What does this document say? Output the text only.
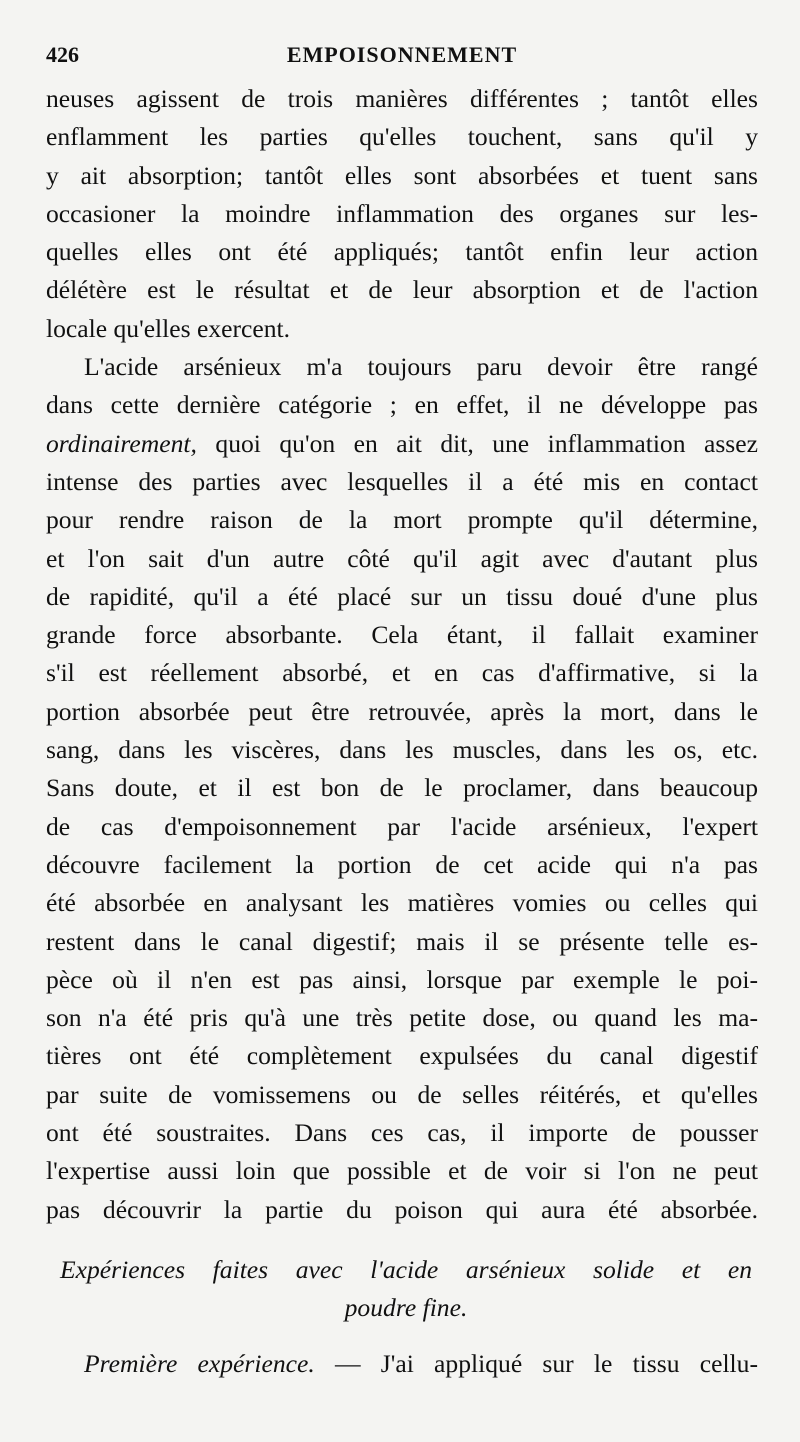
426	EMPOISONNEMENT

neuses agissent de trois manières différentes ; tantôt elles
enflamment les parties qu'elles touchent, sans qu'il y
y ait absorption; tantôt elles sont absorbées et tuent sans
occasioner la moindre inflammation des organes sur les-
quelles elles ont été appliqués; tantôt enfin leur action
délétère est le résultat et de leur absorption et de l'action
locale qu'elles exercent.

L'acide arsénieux m'a toujours paru devoir être rangé
dans cette dernière catégorie ; en effet, il ne développe pas
ordinairement, quoi qu'on en ait dit, une inflammation assez
intense des parties avec lesquelles il a été mis en contact
pour rendre raison de la mort prompte qu'il détermine,
et l'on sait d'un autre côté qu'il agit avec d'autant plus
de rapidité, qu'il a été placé sur un tissu doué d'une plus
grande force absorbante. Cela étant, il fallait examiner
s'il est réellement absorbé, et en cas d'affirmative, si la
portion absorbée peut être retrouvée, après la mort, dans le
sang, dans les viscères, dans les muscles, dans les os, etc.
Sans doute, et il est bon de le proclamer, dans beaucoup
de cas d'empoisonnement par l'acide arsénieux, l'expert
découvre facilement la portion de cet acide qui n'a pas
été absorbée en analysant les matières vomies ou celles qui
restent dans le canal digestif; mais il se présente telle es-
pèce où il n'en est pas ainsi, lorsque par exemple le poi-
son n'a été pris qu'à une très petite dose, ou quand les ma-
tières ont été complètement expulsées du canal digestif
par suite de vomissemens ou de selles réitérés, et qu'elles
ont été soustraites. Dans ces cas, il importe de pousser
l'expertise aussi loin que possible et de voir si l'on ne peut
pas découvrir la partie du poison qui aura été absorbée.

Expériences faites avec l'acide arsénieux solide et en
poudre fine.

Première expérience. — J'ai appliqué sur le tissu cellu-
